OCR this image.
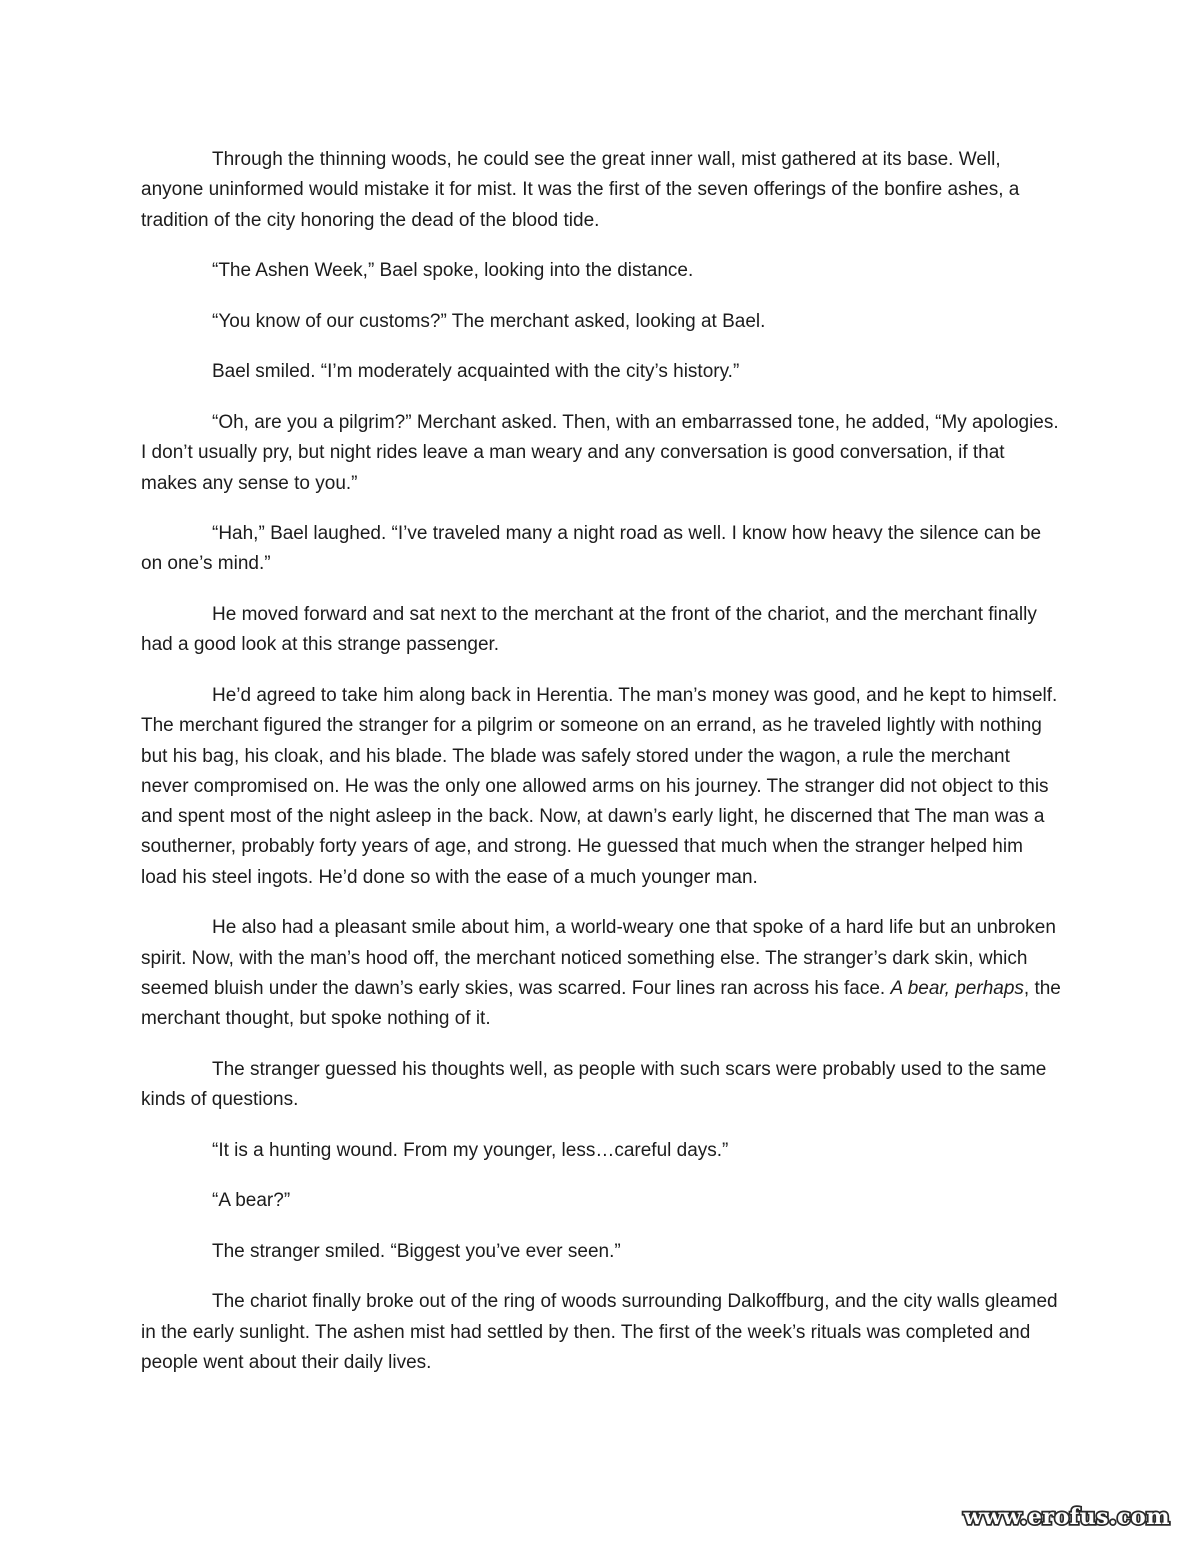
Through the thinning woods, he could see the great inner wall, mist gathered at its base. Well, anyone uninformed would mistake it for mist. It was the first of the seven offerings of the bonfire ashes, a tradition of the city honoring the dead of the blood tide.

“The Ashen Week,” Bael spoke, looking into the distance.

“You know of our customs?” The merchant asked, looking at Bael.

Bael smiled. “I’m moderately acquainted with the city’s history.”

“Oh, are you a pilgrim?” Merchant asked. Then, with an embarrassed tone, he added, “My apologies. I don’t usually pry, but night rides leave a man weary and any conversation is good conversation, if that makes any sense to you.”

“Hah,” Bael laughed. “I’ve traveled many a night road as well. I know how heavy the silence can be on one’s mind.”

He moved forward and sat next to the merchant at the front of the chariot, and the merchant finally had a good look at this strange passenger.

He’d agreed to take him along back in Herentia. The man’s money was good, and he kept to himself. The merchant figured the stranger for a pilgrim or someone on an errand, as he traveled lightly with nothing but his bag, his cloak, and his blade. The blade was safely stored under the wagon, a rule the merchant never compromised on. He was the only one allowed arms on his journey. The stranger did not object to this and spent most of the night asleep in the back. Now, at dawn’s early light, he discerned that The man was a southerner, probably forty years of age, and strong. He guessed that much when the stranger helped him load his steel ingots. He’d done so with the ease of a much younger man.

He also had a pleasant smile about him, a world-weary one that spoke of a hard life but an unbroken spirit. Now, with the man’s hood off, the merchant noticed something else. The stranger’s dark skin, which seemed bluish under the dawn’s early skies, was scarred. Four lines ran across his face. A bear, perhaps, the merchant thought, but spoke nothing of it.

The stranger guessed his thoughts well, as people with such scars were probably used to the same kinds of questions.

“It is a hunting wound. From my younger, less…careful days.”

“A bear?”

The stranger smiled. “Biggest you’ve ever seen.”

The chariot finally broke out of the ring of woods surrounding Dalkoffburg, and the city walls gleamed in the early sunlight. The ashen mist had settled by then. The first of the week’s rituals was completed and people went about their daily lives.

www.erofus.com
